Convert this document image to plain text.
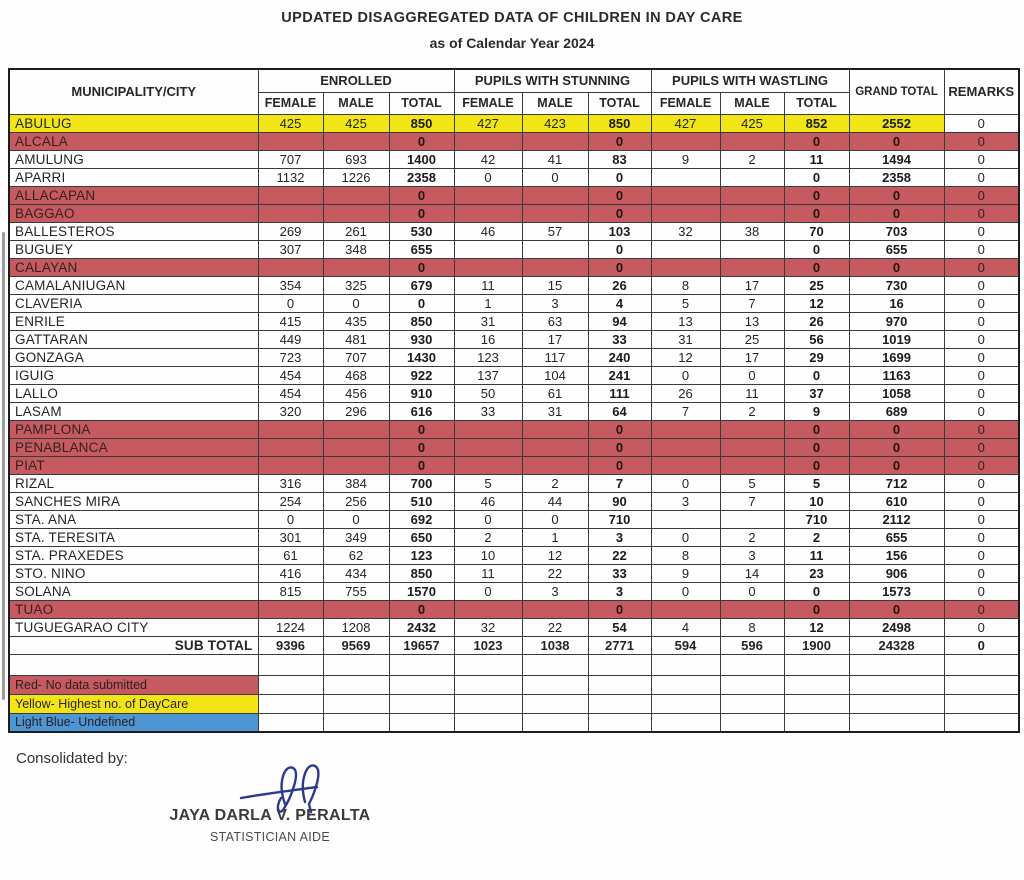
UPDATED DISAGGREGATED DATA OF CHILDREN IN DAY CARE
as of Calendar Year 2024
MUNICIPALITY/CITY	ENROLLED			PUPILS WITH STUNNING			PUPILS WITH WASTLING			GRAND TOTAL	REMARKS
	FEMALE	MALE	TOTAL	FEMALE	MALE	TOTAL	FEMALE	MALE	TOTAL		
ABULUG	425	425	850	427	423	850	427	425	852	2552	0
ALCALA			0			0			0	0	0
AMULUNG	707	693	1400	42	41	83	9	2	11	1494	0
APARRI	1132	1226	2358	0	0	0			0	2358	0
ALLACAPAN			0			0			0	0	0
BAGGAO			0			0			0	0	0
BALLESTEROS	269	261	530	46	57	103	32	38	70	703	0
BUGUEY	307	348	655			0			0	655	0
CALAYAN			0			0			0	0	0
CAMALANIUGAN	354	325	679	11	15	26	8	17	25	730	0
CLAVERIA	0	0	0	1	3	4	5	7	12	16	0
ENRILE	415	435	850	31	63	94	13	13	26	970	0
GATTARAN	449	481	930	16	17	33	31	25	56	1019	0
GONZAGA	723	707	1430	123	117	240	12	17	29	1699	0
IGUIG	454	468	922	137	104	241	0	0	0	1163	0
LALLO	454	456	910	50	61	111	26	11	37	1058	0
LASAM	320	296	616	33	31	64	7	2	9	689	0
PAMPLONA			0			0			0	0	0
PENABLANCA			0			0			0	0	0
PIAT			0			0			0	0	0
RIZAL	316	384	700	5	2	7	0	5	5	712	0
SANCHES MIRA	254	256	510	46	44	90	3	7	10	610	0
STA. ANA	0	0	692	0	0	710			710	2112	0
STA. TERESITA	301	349	650	2	1	3	0	2	2	655	0
STA. PRAXEDES	61	62	123	10	12	22	8	3	11	156	0
STO. NINO	416	434	850	11	22	33	9	14	23	906	0
SOLANA	815	755	1570	0	3	3	0	0	0	1573	0
TUAO			0			0			0	0	0
TUGUEGARAO CITY	1224	1208	2432	32	22	54	4	8	12	2498	0
SUB TOTAL	9396	9569	19657	1023	1038	2771	594	596	1900	24328	0

Red- No data submitted											
Yellow- Highest no. of DayCare											
Light Blue- Undefined											
Consolidated by:
JAYA DARLA V. PERALTA
STATISTICIAN AIDE
